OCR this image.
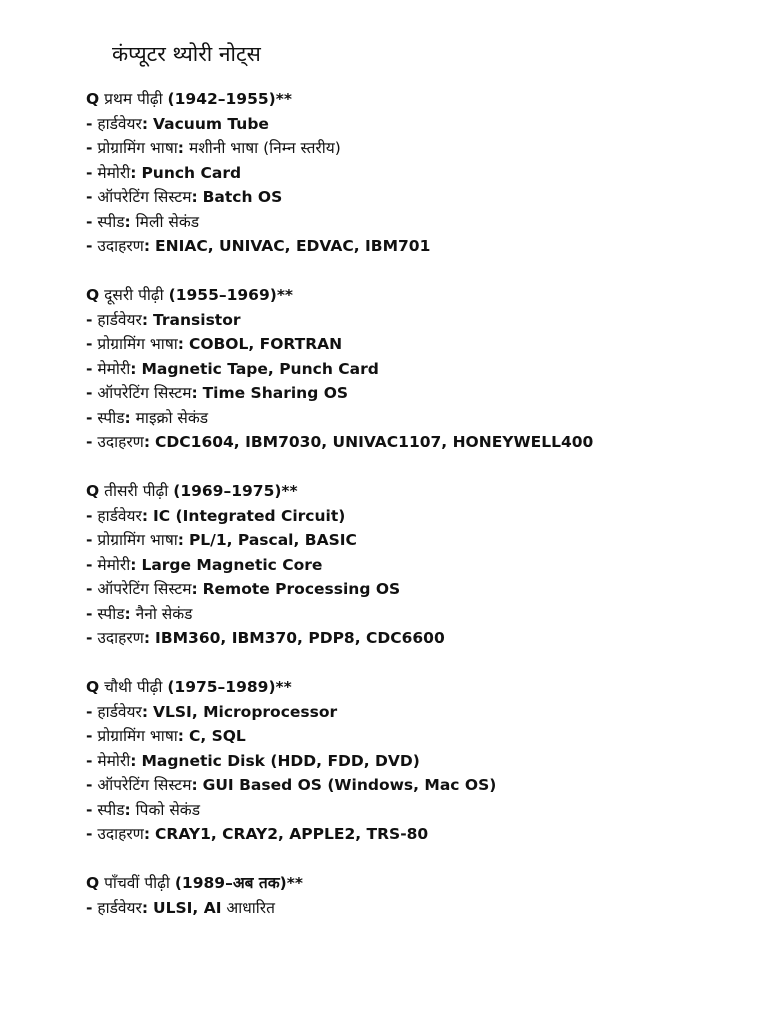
कंप्यूटर थ्योरी नोट्स
Q प्रथम पीढ़ी (1942–1955)**
- हार्डवेयर: Vacuum Tube
- प्रोग्रामिंग भाषा: मशीनी भाषा (निम्न स्तरीय)
- मेमोरी: Punch Card
- ऑपरेटिंग सिस्टम: Batch OS
- स्पीड: मिली सेकंड
- उदाहरण: ENIAC, UNIVAC, EDVAC, IBM701
Q दूसरी पीढ़ी (1955–1969)**
- हार्डवेयर: Transistor
- प्रोग्रामिंग भाषा: COBOL, FORTRAN
- मेमोरी: Magnetic Tape, Punch Card
- ऑपरेटिंग सिस्टम: Time Sharing OS
- स्पीड: माइक्रो सेकंड
- उदाहरण: CDC1604, IBM7030, UNIVAC1107, HONEYWELL400
Q तीसरी पीढ़ी (1969–1975)**
- हार्डवेयर: IC (Integrated Circuit)
- प्रोग्रामिंग भाषा: PL/1, Pascal, BASIC
- मेमोरी: Large Magnetic Core
- ऑपरेटिंग सिस्टम: Remote Processing OS
- स्पीड: नैनो सेकंड
- उदाहरण: IBM360, IBM370, PDP8, CDC6600
Q चौथी पीढ़ी (1975–1989)**
- हार्डवेयर: VLSI, Microprocessor
- प्रोग्रामिंग भाषा: C, SQL
- मेमोरी: Magnetic Disk (HDD, FDD, DVD)
- ऑपरेटिंग सिस्टम: GUI Based OS (Windows, Mac OS)
- स्पीड: पिको सेकंड
- उदाहरण: CRAY1, CRAY2, APPLE2, TRS-80
Q पाँचवीं पीढ़ी (1989–अब तक)**
- हार्डवेयर: ULSI, AI आधारित
